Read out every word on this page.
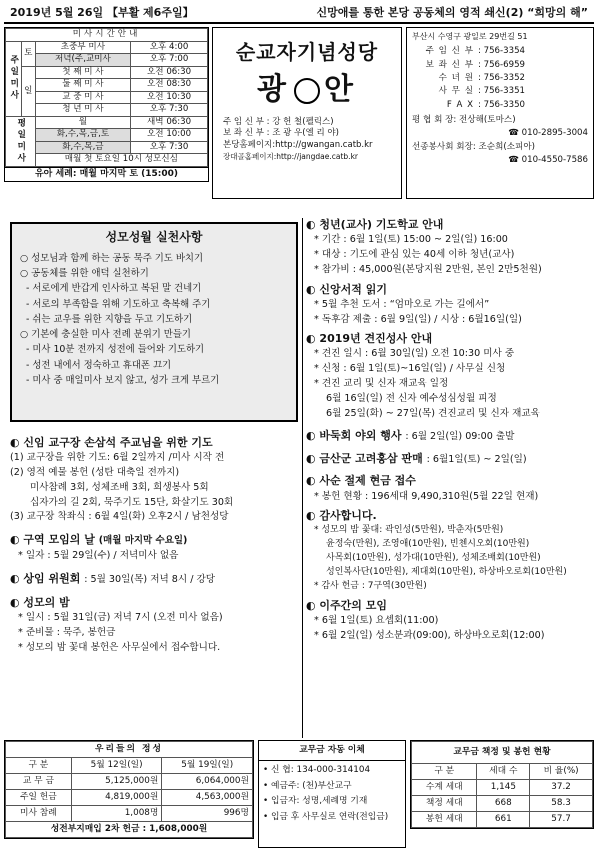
2019년 5월 26일 【부활 제6주일】	신망애를 통한 본당 공동체의 영적 쇄신(2) “희망의 해”
미사시간안내			
주일미사	토	초중부 미사	오후 4:00
		저녁(주,교미사	오후 7:00
	일	첫 째 미 사	오전 06:30
		둘 째 미 사	오전 08:30
		교 중 미 사	오전 10:30
		청 년 미 사	오후 7:30
평일미사		월	새벽 06:30
		화,수,목,금,토	오전 10:00
		화,수,목,금	오후 7:30
		매월 첫 토요일 10시 성모신심	
유아 세례: 매월 마지막 토 (15:00)
순교자기념성당
광 안
주 임 신 부 : 강 헌 철(펠릭스)
보 좌 신 부 : 조 광 우(엘 리 야)
본당홈페이지:http://gwangan.catb.kr
장대골홈페이지:http://jangdae.catb.kr
부산시 수영구 광일로 29번길 51
주 임 신 부 : 756-3354
보 좌 신 부 : 756-6959
수 녀 원 : 756-3352
사 무 실 : 756-3351
F A X : 756-3350
평 협 회 장: 전상해(토마스)
☎ 010-2895-3004
선종봉사회 회장: 조순희(소피아)
☎ 010-4550-7586
성모성월 실천사항
○ 성모님과 함께 하는 공동 묵주 기도 바치기
○ 공동체를 위한 애덕 실천하기
- 서로에게 반갑게 인사하고 복된 말 건네기
- 서로의 부족함을 위해 기도하고 축복해 주기
- 쉬는 교우를 위한 지향을 두고 기도하기
○ 기본에 충실한 미사 전례 분위기 만들기
- 미사 10분 전까지 성전에 들어와 기도하기
- 성전 내에서 정숙하고 휴대폰 끄기
- 미사 중 매일미사 보지 않고, 성가 크게 부르기
◐ 신임 교구장 손삼석 주교님을 위한 기도
(1) 교구장을 위한 기도: 6월 2일까지 /미사 시작 전
(2) 영적 예물 봉헌 (성탄 대축일 전까지)
미사참례 3회, 성체조배 3회, 희생봉사 5회
십자가의 길 2회, 묵주기도 15단, 화살기도 30회
(3) 교구장 착좌식 : 6월 4일(화) 오후2시 / 남천성당
◐ 구역 모임의 날 (매월 마지막 수요일)
* 일자 : 5월 29일(수) / 저녁미사 없음
◐ 상임 위원회 : 5월 30일(목) 저녁 8시 / 강당
◐ 성모의 밤
* 일시 : 5월 31일(금) 저녁 7시 (오전 미사 없음)
* 준비물 : 묵주, 봉헌금
* 성모의 밤 꽃대 봉헌은 사무실에서 접수합니다.
◐ 청년(교사) 기도학교 안내
* 기간 : 6월 1일(토) 15:00 ~ 2일(일) 16:00
* 대상 : 기도에 관심 있는 40세 이하 청년(교사)
* 참가비 : 45,000원(본당지원 2만원, 본인 2만5천원)
◐ 신앙서적 읽기
* 5월 추천 도서 : “엄마오로 가는 길에서”
* 독후감 제출 : 6월 9일(일) / 시상 : 6월16일(일)
◐ 2019년 견진성사 안내
* 견진 일시 : 6월 30일(일) 오전 10:30 미사 중
* 신청 : 6월 1일(토)~16일(일) / 사무실 신청
* 견진 교리 및 신자 재교육 일정
6월 16일(일) 전 신자 예수성심성월 피정
6월 25일(화) ~ 27일(목) 견진교리 및 신자 재교육
◐ 바둑회 야외 행사 : 6월 2일(일) 09:00 출발
◐ 금산군 고려홍삼 판매 : 6월1일(토) ~ 2일(일)
◐ 사순 절제 현금 접수
* 봉헌 현황 : 196세대 9,490,310원(5월 22일 현재)
◐ 감사합니다.
* 성모의 밤 꽃대: 곽인성(5만원), 박춘자(5만원)
윤정숙(만원), 조영애(10만원), 빈첸시오회(10만원)
사목회(10만원), 성가대(10만원), 성체조배회(10만원)
성인복사단(10만원), 제대회(10만원), 하상바오로회(10만원)
* 감사 헌금 : 7구역(30만원)
◐ 이주간의 모임
* 6월 1일(토) 요셉회(11:00)
* 6월 2일(일) 성소분과(09:00), 하상바오로회(12:00)
우리들의 정성		
구 분	5월 12일(일)	5월 19일(일)
교 무 금	5,125,000원	6,064,000원
주일 헌금	4,819,000원	4,563,000원
미사 참례	1,008명	996명
성전부지매입 2차 헌금 : 1,608,000원		
교무금 자동 이체
• 신 협: 134-000-314104
• 예금주: (천)부산교구
• 입금자: 성명,세례명 기재
• 입금 후 사무실로 연락(전입금)
교무금 책정 및 봉헌 현황		
구 분	세대 수	비 율(%)
수계 세대	1,145	37.2
책정 세대	668	58.3
봉헌 세대	661	57.7
